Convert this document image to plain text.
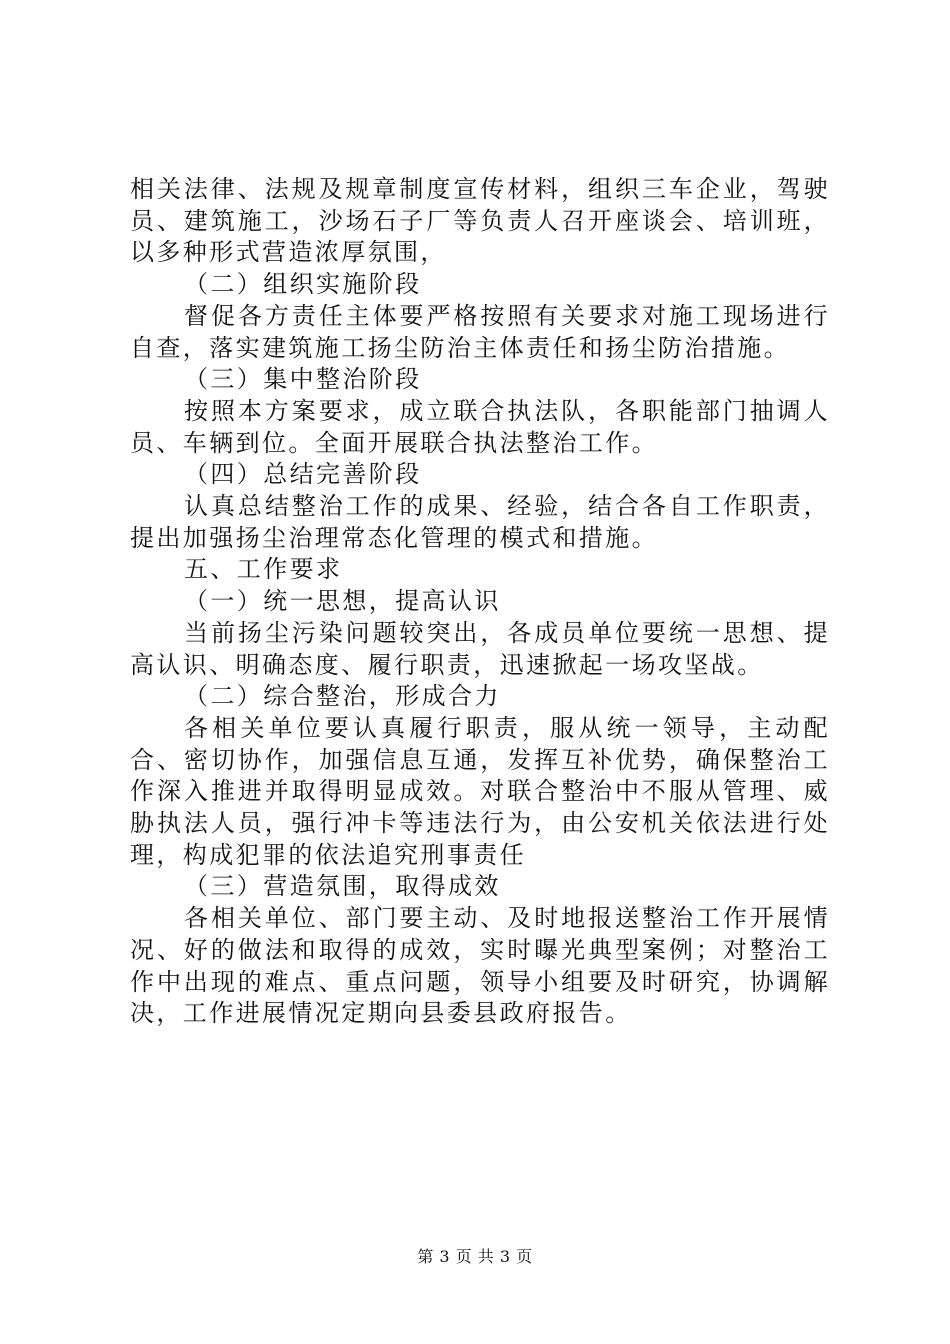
相关法律、法规及规章制度宣传材料，组织三车企业，驾驶员、建筑施工，沙场石子厂等负责人召开座谈会、培训班，以多种形式营造浓厚氛围，

（二）组织实施阶段

督促各方责任主体要严格按照有关要求对施工现场进行自查，落实建筑施工扬尘防治主体责任和扬尘防治措施。

（三）集中整治阶段

按照本方案要求，成立联合执法队，各职能部门抽调人员、车辆到位。全面开展联合执法整治工作。

（四）总结完善阶段

认真总结整治工作的成果、经验，结合各自工作职责，提出加强扬尘治理常态化管理的模式和措施。

五、工作要求

（一）统一思想，提高认识

当前扬尘污染问题较突出，各成员单位要统一思想、提高认识、明确态度、履行职责，迅速掀起一场攻坚战。

（二）综合整治，形成合力

各相关单位要认真履行职责，服从统一领导，主动配合、密切协作，加强信息互通，发挥互补优势，确保整治工作深入推进并取得明显成效。对联合整治中不服从管理、威胁执法人员，强行冲卡等违法行为，由公安机关依法进行处理，构成犯罪的依法追究刑事责任

（三）营造氛围，取得成效

各相关单位、部门要主动、及时地报送整治工作开展情况、好的做法和取得的成效，实时曝光典型案例；对整治工作中出现的难点、重点问题，领导小组要及时研究，协调解决，工作进展情况定期向县委县政府报告。

第 3 页 共 3 页
